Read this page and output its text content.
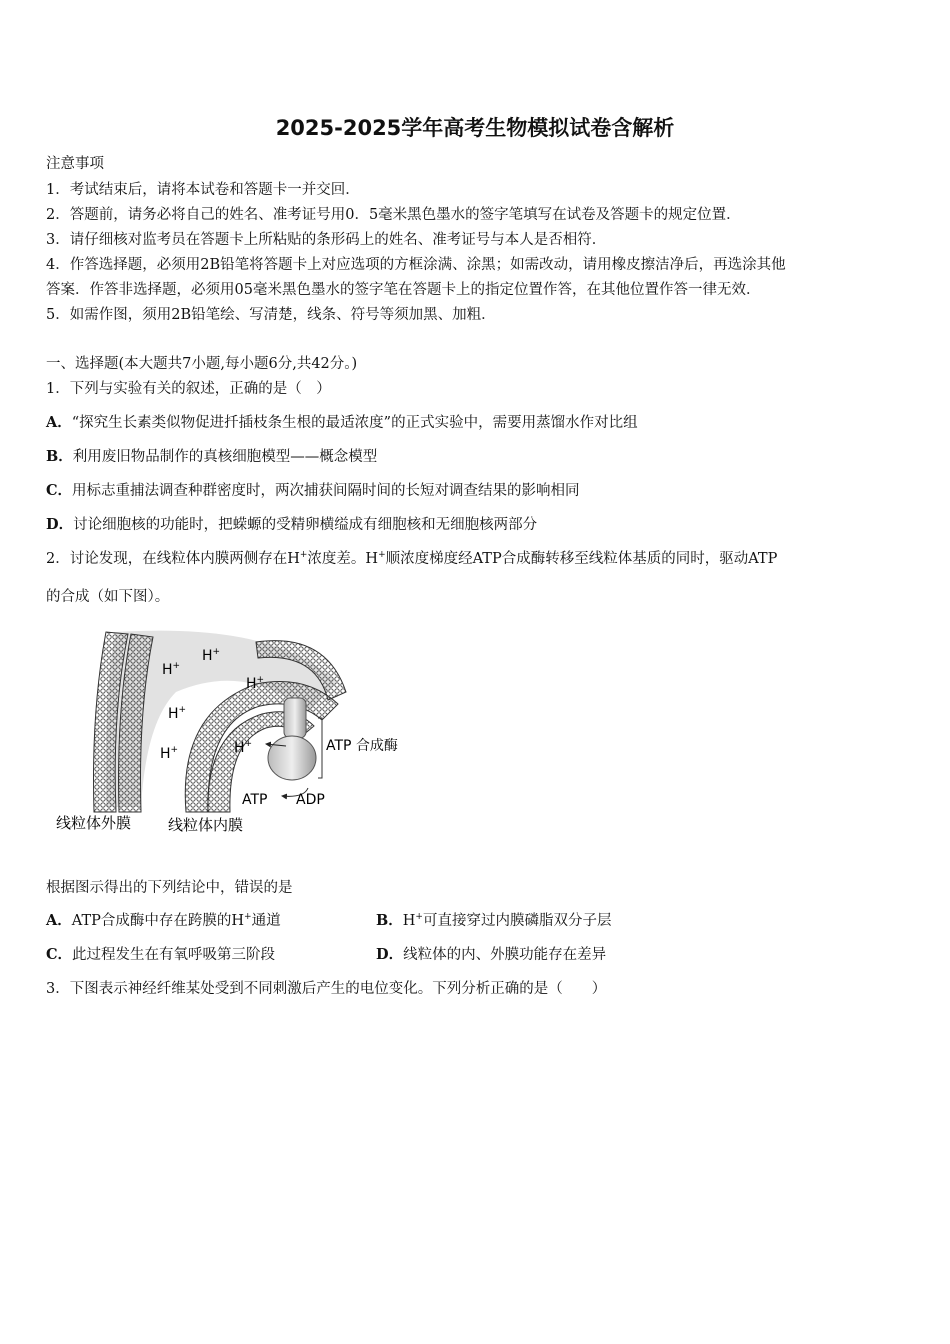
2025-2025学年高考生物模拟试卷含解析
注意事项
1．考试结束后，请将本试卷和答题卡一并交回．
2．答题前，请务必将自己的姓名、准考证号用0．5毫米黑色墨水的签字笔填写在试卷及答题卡的规定位置．
3．请仔细核对监考员在答题卡上所粘贴的条形码上的姓名、准考证号与本人是否相符．
4．作答选择题，必须用2B铅笔将答题卡上对应选项的方框涂满、涂黑；如需改动，请用橡皮擦洁净后，再选涂其他
答案．作答非选择题，必须用05毫米黑色墨水的签字笔在答题卡上的指定位置作答，在其他位置作答一律无效．
5．如需作图，须用2B铅笔绘、写清楚，线条、符号等须加黑、加粗．
一、选择题(本大题共7小题,每小题6分,共42分。)
1．下列与实验有关的叙述，正确的是（　）
A．“探究生长素类似物促进扦插枝条生根的最适浓度”的正式实验中，需要用蒸馏水作对比组
B．利用废旧物品制作的真核细胞模型——概念模型
C．用标志重捕法调查种群密度时，两次捕获间隔时间的长短对调查结果的影响相同
D．讨论细胞核的功能时，把蝾螈的受精卵横缢成有细胞核和无细胞核两部分
2．讨论发现，在线粒体内膜两侧存在H+浓度差。H+顺浓度梯度经ATP合成酶转移至线粒体基质的同时，驱动ATP
的合成（如下图）。
H+
H+
H+
H+
H+
H+	ATP 合成酶
ATP ADP
线粒体外膜 线粒体内膜
根据图示得出的下列结论中，错误的是
A．ATP合成酶中存在跨膜的H+通道	B．H+可直接穿过内膜磷脂双分子层
C．此过程发生在有氧呼吸第三阶段	D．线粒体的内、外膜功能存在差异
3．下图表示神经纤维某处受到不同刺激后产生的电位变化。下列分析正确的是（　　）
